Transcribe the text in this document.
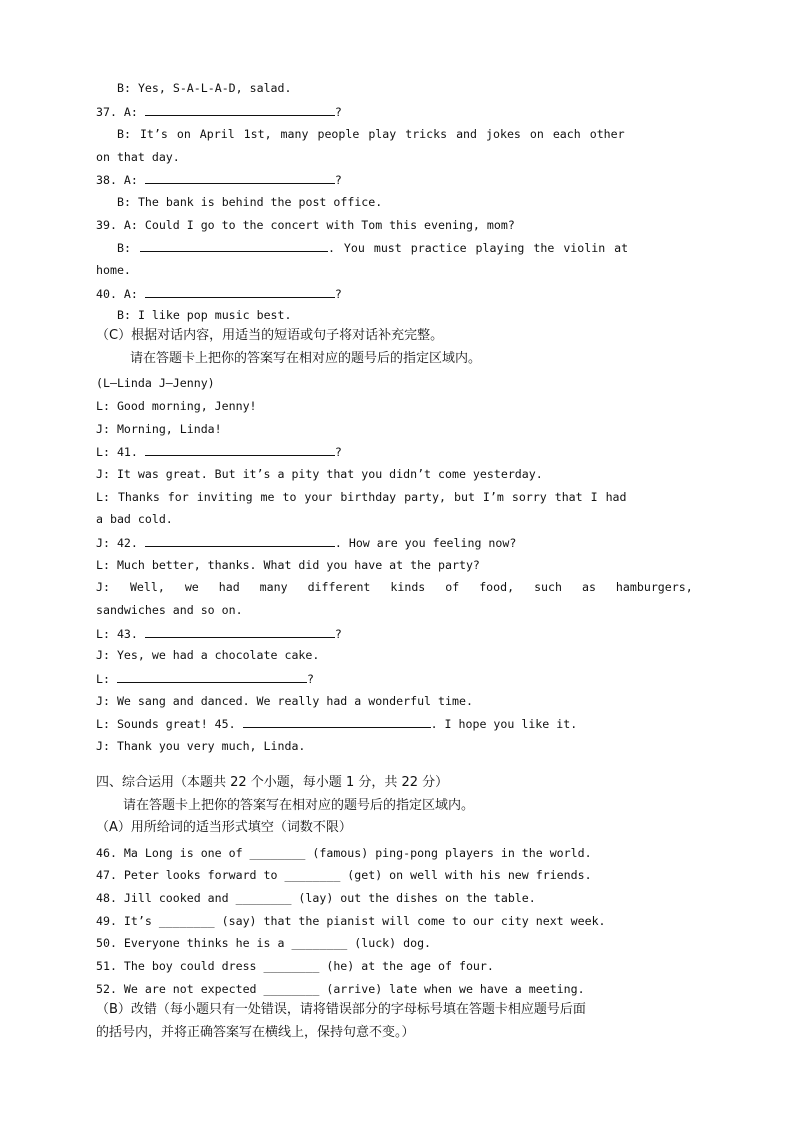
B: Yes, S-A-L-A-D, salad.
37. A:	?
B: It’s on April 1st, many people play tricks and jokes on each other
on that day.
38. A:	?
B: The bank is behind the post office.
39. A: Could I go to the concert with Tom this evening, mom?
B:	. You must practice playing the violin at
home.
40. A:	?
B: I like pop music best.
（C）根据对话内容，用适当的短语或句子将对话补充完整。
请在答题卡上把你的答案写在相对应的题号后的指定区域内。
(L—Linda J—Jenny)
L: Good morning, Jenny!
J: Morning, Linda!
L: 41.	?
J: It was great. But it’s a pity that you didn’t come yesterday.
L: Thanks for inviting me to your birthday party, but I’m sorry that I had
a bad cold.
J: 42.	. How are you feeling now?
L: Much better, thanks. What did you have at the party?
J: Well, we had many different kinds of food, such as hamburgers,
sandwiches and so on.
L: 43.	?
J: Yes, we had a chocolate cake.
L:	?
J: We sang and danced. We really had a wonderful time.
L: Sounds great! 45.	. I hope you like it.
J: Thank you very much, Linda.
四、综合运用（本题共 22 个小题，每小题 1 分，共 22 分）
请在答题卡上把你的答案写在相对应的题号后的指定区域内。
（A）用所给词的适当形式填空（词数不限）
46. Ma Long is one of ________ (famous) ping-pong players in the world.
47. Peter looks forward to ________ (get) on well with his new friends.
48. Jill cooked and ________ (lay) out the dishes on the table.
49. It’s ________ (say) that the pianist will come to our city next week.
50. Everyone thinks he is a ________ (luck) dog.
51. The boy could dress ________ (he) at the age of four.
52. We are not expected ________ (arrive) late when we have a meeting.
（B）改错（每小题只有一处错误，请将错误部分的字母标号填在答题卡相应题号后面
的括号内，并将正确答案写在横线上，保持句意不变。）
